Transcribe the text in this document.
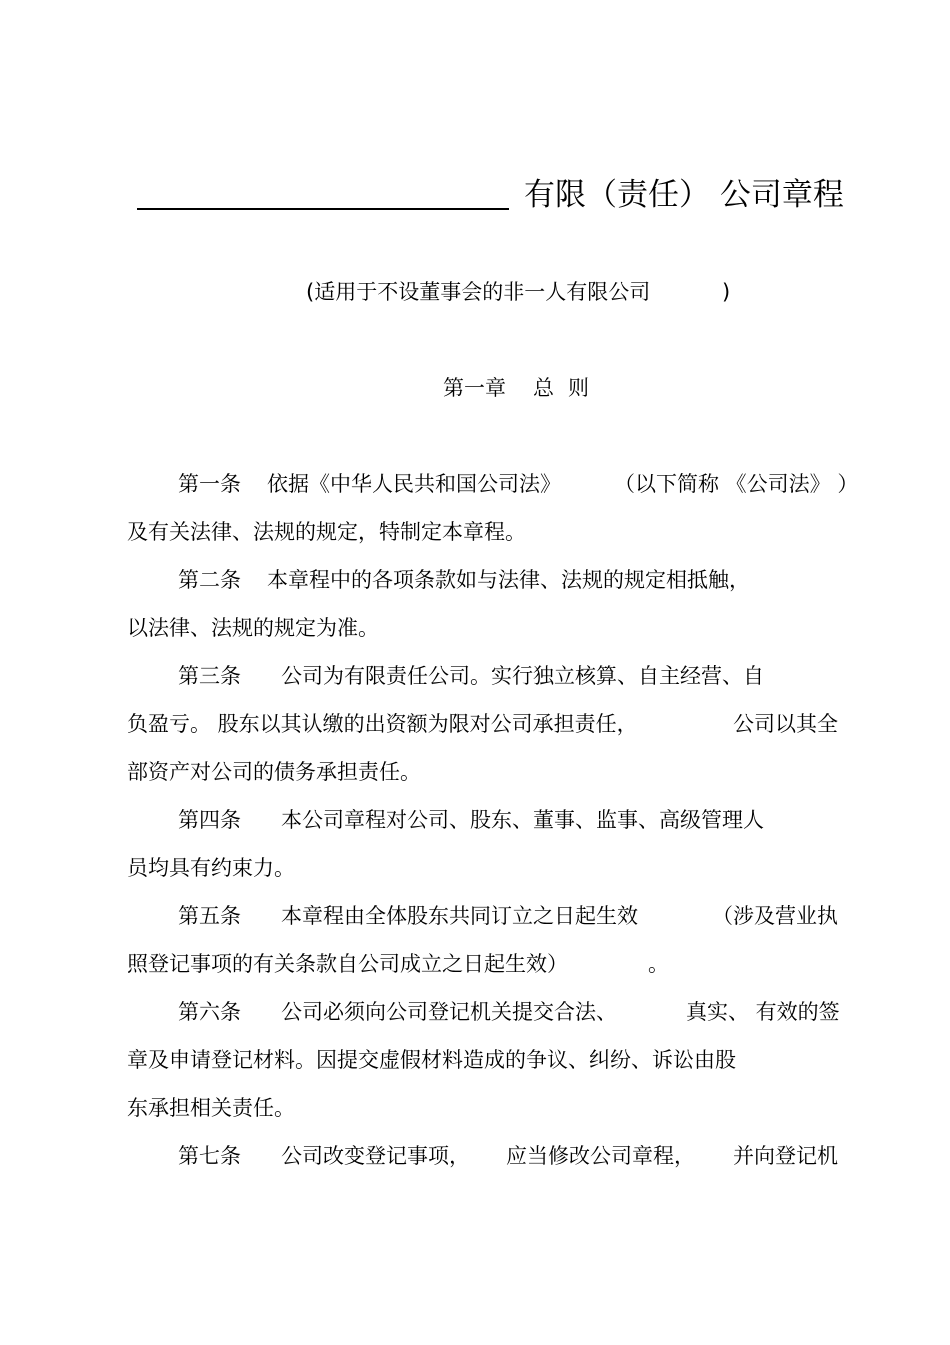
有限（责任） 公司章程
(适用于不设董事会的非一人有限公司	)
第一章 总则
第一条 依据《中华人民共和国公司法》	（以下简称 《公司法》 ）
及有关法律、法规的规定，特制定本章程。
第二条 本章程中的各项条款如与法律、法规的规定相抵触，
以法律、法规的规定为准。
第三条 公司为有限责任公司。实行独立核算、自主经营、自
负盈亏。 股东以其认缴的出资额为限对公司承担责任，	公司以其全
部资产对公司的债务承担责任。
第四条 本公司章程对公司、股东、董事、监事、高级管理人
员均具有约束力。
第五条 本章程由全体股东共同订立之日起生效	（涉及营业执
照登记事项的有关条款自公司成立之日起生效）	。
第六条 公司必须向公司登记机关提交合法、	真实、 有效的签
章及申请登记材料。因提交虚假材料造成的争议、纠纷、诉讼由股
东承担相关责任。
第七条 公司改变登记事项， 应当修改公司章程， 并向登记机
